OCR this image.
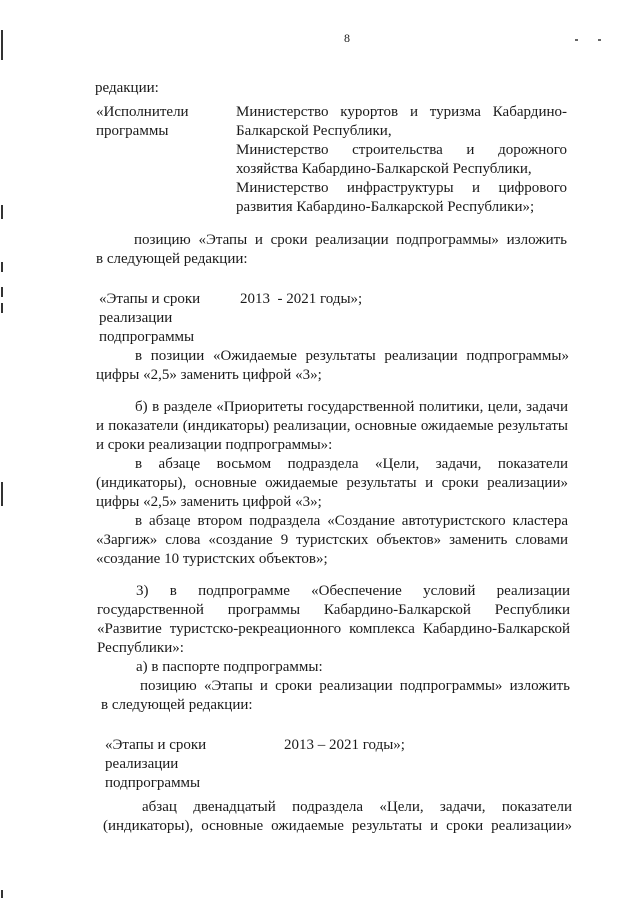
8

редакции:

«Исполнители

программы

Министерство курортов и туризма Кабардино-

Балкарской Республики,

Министерство строительства и дорожного

хозяйства Кабардино-Балкарской Республики,

Министерство инфраструктуры и цифрового

развития Кабардино-Балкарской Республики»;

позицию «Этапы и сроки реализации подпрограммы» изложить

в следующей редакции:

«Этапы и сроки

реализации

подпрограммы

2013  - 2021 годы»;

в позиции «Ожидаемые результаты реализации подпрограммы»

цифры «2,5» заменить цифрой «3»;

б) в разделе «Приоритеты государственной политики, цели, задачи

и показатели (индикаторы) реализации, основные ожидаемые результаты

и сроки реализации подпрограммы»:

в абзаце восьмом подраздела «Цели, задачи, показатели

(индикаторы), основные ожидаемые результаты и сроки реализации»

цифры «2,5» заменить цифрой «3»;

в абзаце втором подраздела «Создание автотуристского кластера

«Заргиж» слова «создание 9 туристских объектов» заменить словами

«создание 10 туристских объектов»;

3) в подпрограмме «Обеспечение условий реализации

государственной программы Кабардино-Балкарской Республики

«Развитие туристско-рекреационного комплекса Кабардино-Балкарской

Республики»:

а) в паспорте подпрограммы:

позицию «Этапы и сроки реализации подпрограммы» изложить

в следующей редакции:

«Этапы и сроки

реализации

подпрограммы

2013 – 2021 годы»;

абзац двенадцатый подраздела «Цели, задачи, показатели

(индикаторы), основные ожидаемые результаты и сроки реализации»
